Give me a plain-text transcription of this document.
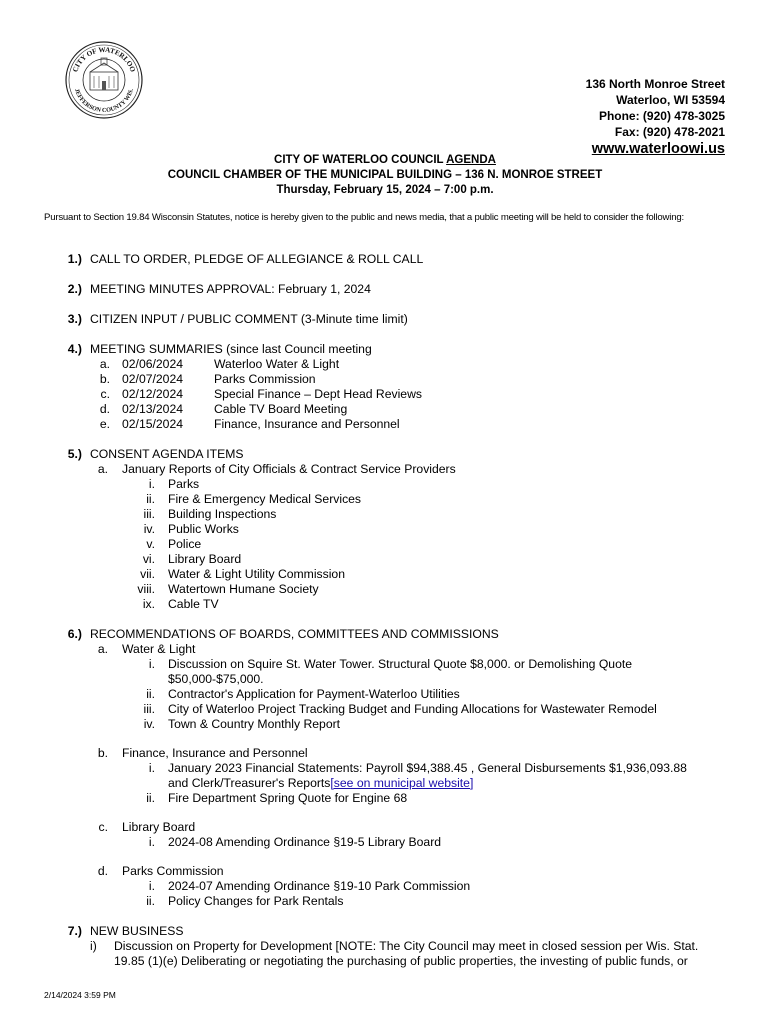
CITY OF WATERLOO
JEFFERSON COUNTY WIS.	136 North Monroe Street
Waterloo, WI 53594
Phone: (920) 478-3025
Fax: (920) 478-2021
www.waterloowi.us
CITY OF WATERLOO COUNCIL AGENDA
COUNCIL CHAMBER OF THE MUNICIPAL BUILDING – 136 N. MONROE STREET
Thursday, February 15, 2024 – 7:00 p.m.
Pursuant to Section 19.84 Wisconsin Statutes, notice is hereby given to the public and news media, that a public meeting will be held to consider the following:
1.) CALL TO ORDER, PLEDGE OF ALLEGIANCE & ROLL CALL
2.) MEETING MINUTES APPROVAL: February 1, 2024
3.) CITIZEN INPUT / PUBLIC COMMENT (3-Minute time limit)
4.) MEETING SUMMARIES (since last Council meeting
a. 02/06/2024	Waterloo Water & Light
b. 02/07/2024	Parks Commission
c. 02/12/2024	Special Finance – Dept Head Reviews
d. 02/13/2024	Cable TV Board Meeting
e. 02/15/2024	Finance, Insurance and Personnel
5.) CONSENT AGENDA ITEMS
a.	January Reports of City Officials & Contract Service Providers
i.	Parks
ii.	Fire & Emergency Medical Services
iii.	Building Inspections
iv.	Public Works
v.	Police
vi.	Library Board
vii.	Water & Light Utility Commission
viii.	Watertown Humane Society
ix.	Cable TV
6.) RECOMMENDATIONS OF BOARDS, COMMITTEES AND COMMISSIONS
a.	Water & Light
i.	Discussion on Squire St. Water Tower. Structural Quote $8,000. or Demolishing Quote $50,000-$75,000.
ii.	Contractor's Application for Payment-Waterloo Utilities
iii.	City of Waterloo Project Tracking Budget and Funding Allocations for Wastewater Remodel
iv.	Town & Country Monthly Report
b.	Finance, Insurance and Personnel
i.	January 2023 Financial Statements: Payroll $94,388.45 , General Disbursements $1,936,093.88 and Clerk/Treasurer's Reports[see on municipal website]
ii.	Fire Department Spring Quote for Engine 68
c.	Library Board
i.	2024-08 Amending Ordinance §19-5 Library Board
d.	Parks Commission
i.	2024-07 Amending Ordinance §19-10 Park Commission
ii.	Policy Changes for Park Rentals
7.) NEW BUSINESS
i)	Discussion on Property for Development [NOTE: The City Council may meet in closed session per Wis. Stat. 19.85 (1)(e) Deliberating or negotiating the purchasing of public properties, the investing of public funds, or
2/14/2024 3:59 PM
